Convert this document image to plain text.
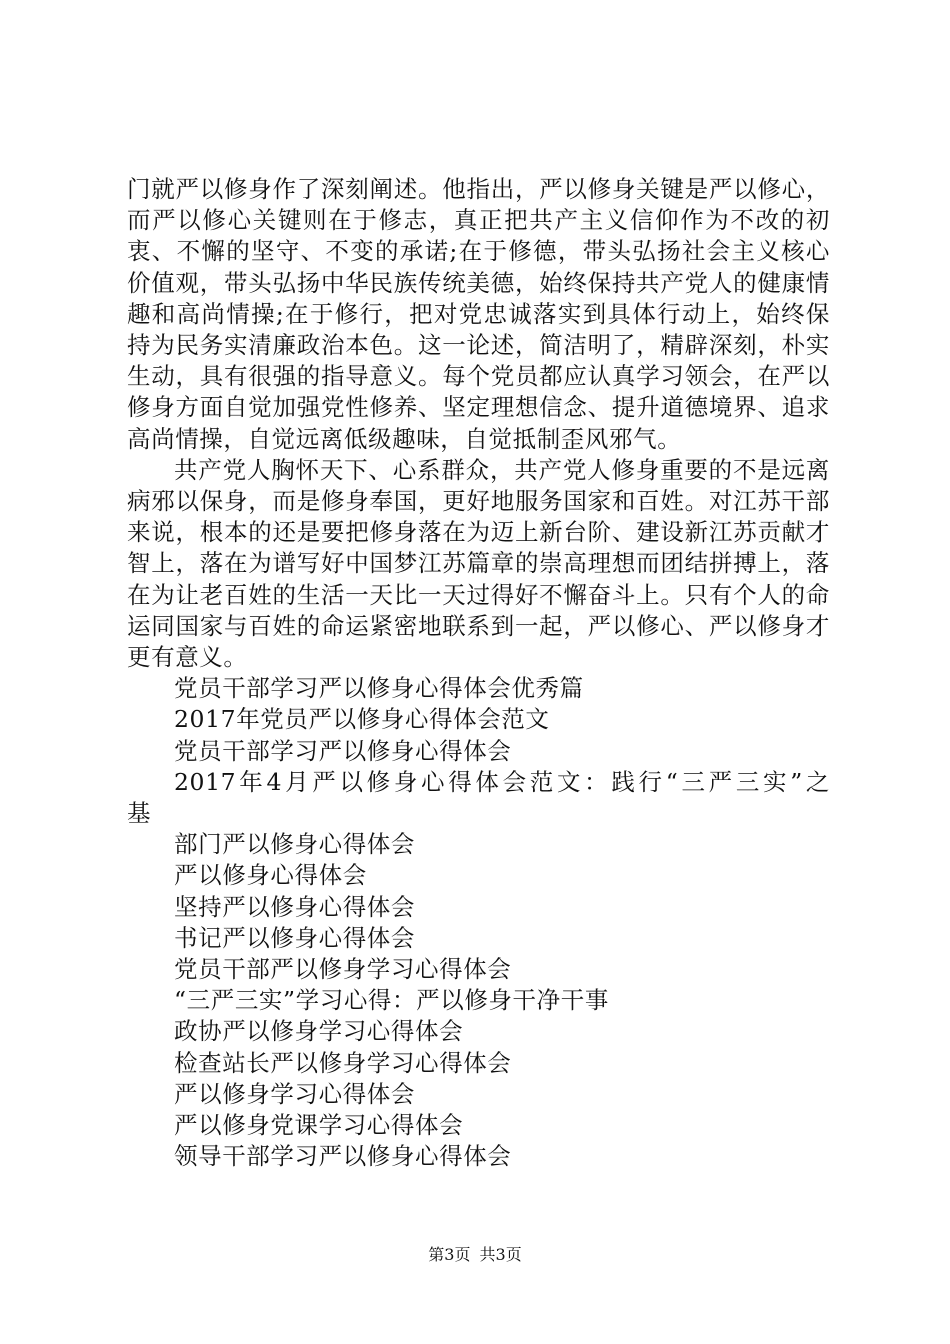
门就严以修身作了深刻阐述。他指出，严以修身关键是严以修心，而严以修心关键则在于修志，真正把共产主义信仰作为不改的初衷、不懈的坚守、不变的承诺;在于修德，带头弘扬社会主义核心价值观，带头弘扬中华民族传统美德，始终保持共产党人的健康情趣和高尚情操;在于修行，把对党忠诚落实到具体行动上，始终保持为民务实清廉政治本色。这一论述，简洁明了，精辟深刻，朴实生动，具有很强的指导意义。每个党员都应认真学习领会，在严以修身方面自觉加强党性修养、坚定理想信念、提升道德境界、追求高尚情操，自觉远离低级趣味，自觉抵制歪风邪气。

共产党人胸怀天下、心系群众，共产党人修身重要的不是远离病邪以保身，而是修身奉国，更好地服务国家和百姓。对江苏干部来说，根本的还是要把修身落在为迈上新台阶、建设新江苏贡献才智上，落在为谱写好中国梦江苏篇章的崇高理想而团结拼搏上，落在为让老百姓的生活一天比一天过得好不懈奋斗上。只有个人的命运同国家与百姓的命运紧密地联系到一起，严以修心、严以修身才更有意义。

党员干部学习严以修身心得体会优秀篇
2017年党员严以修身心得体会范文
党员干部学习严以修身心得体会
2017年4月严以修身心得体会范文：践行“三严三实”之
基
部门严以修身心得体会
严以修身心得体会
坚持严以修身心得体会
书记严以修身心得体会
党员干部严以修身学习心得体会
“三严三实”学习心得：严以修身干净干事
政协严以修身学习心得体会
检查站长严以修身学习心得体会
严以修身学习心得体会
严以修身党课学习心得体会
领导干部学习严以修身心得体会
第3页 共3页
